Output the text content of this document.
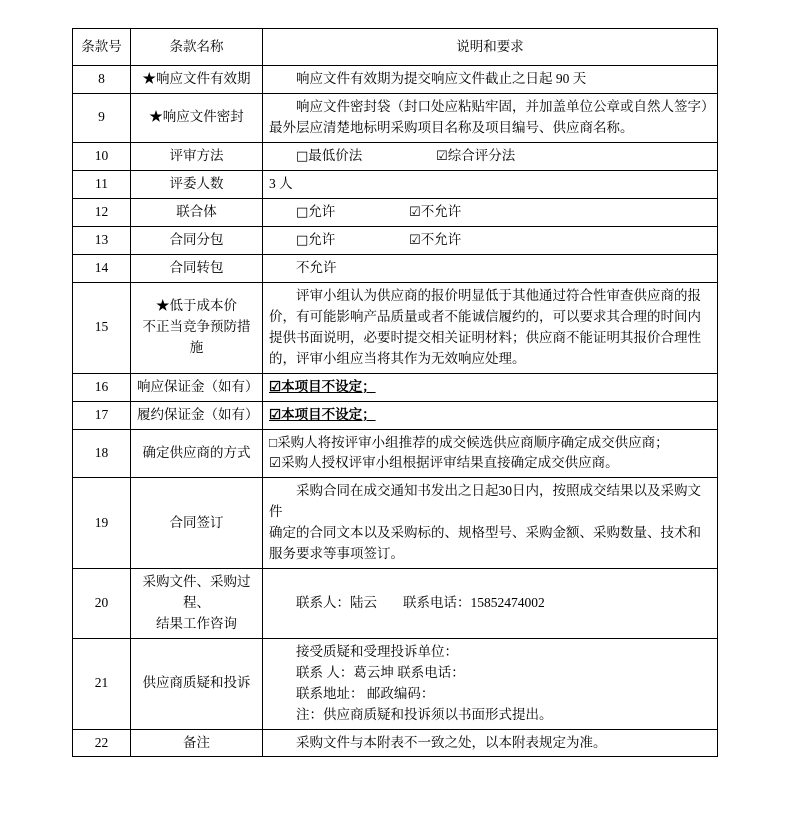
条款号	条款名称	说明和要求
8	★响应文件有效期	响应文件有效期为提交响应文件截止之日起 90 天

9	★响应文件密封	响应文件密封袋（封口处应粘贴牢固，并加盖单位公章或自然人签字）
最外层应清楚地标明采购项目名称及项目编号、供应商名称。

10	评审方法	□最低价法 ☑综合评分法
11	评委人数	3 人
12	联合体	□允许 ☑不允许
13	合同分包	□允许 ☑不允许
14	合同转包	不允许

15	★低于成本价
不正当竞争预防措施	评审小组认为供应商的报价明显低于其他通过符合性审查供应商的报
价，有可能影响产品质量或者不能诚信履约的，可以要求其合理的时间内
提供书面说明，必要时提交相关证明材料；供应商不能证明其报价合理性
的，评审小组应当将其作为无效响应处理。

16	响应保证金（如有）	☑本项目不设定；
17	履约保证金（如有）	☑本项目不设定；
18	确定供应商的方式	□采购人将按评审小组推荐的成交候选供应商顺序确定成交供应商；
☑采购人授权评审小组根据评审结果直接确定成交供应商。

19	合同签订	采购合同在成交通知书发出之日起30日内，按照成交结果以及采购文件
确定的合同文本以及采购标的、规格型号、采购金额、采购数量、技术和
服务要求等事项签订。

20	采购文件、采购过程、
结果工作咨询	联系人：陆云 联系电话：15852474002

21	供应商质疑和投诉	接受质疑和受理投诉单位：
联系 人：葛云坤 联系电话：
联系地址： 邮政编码：
注：供应商质疑和投诉须以书面形式提出。

22	备注	采购文件与本附表不一致之处，以本附表规定为准。
